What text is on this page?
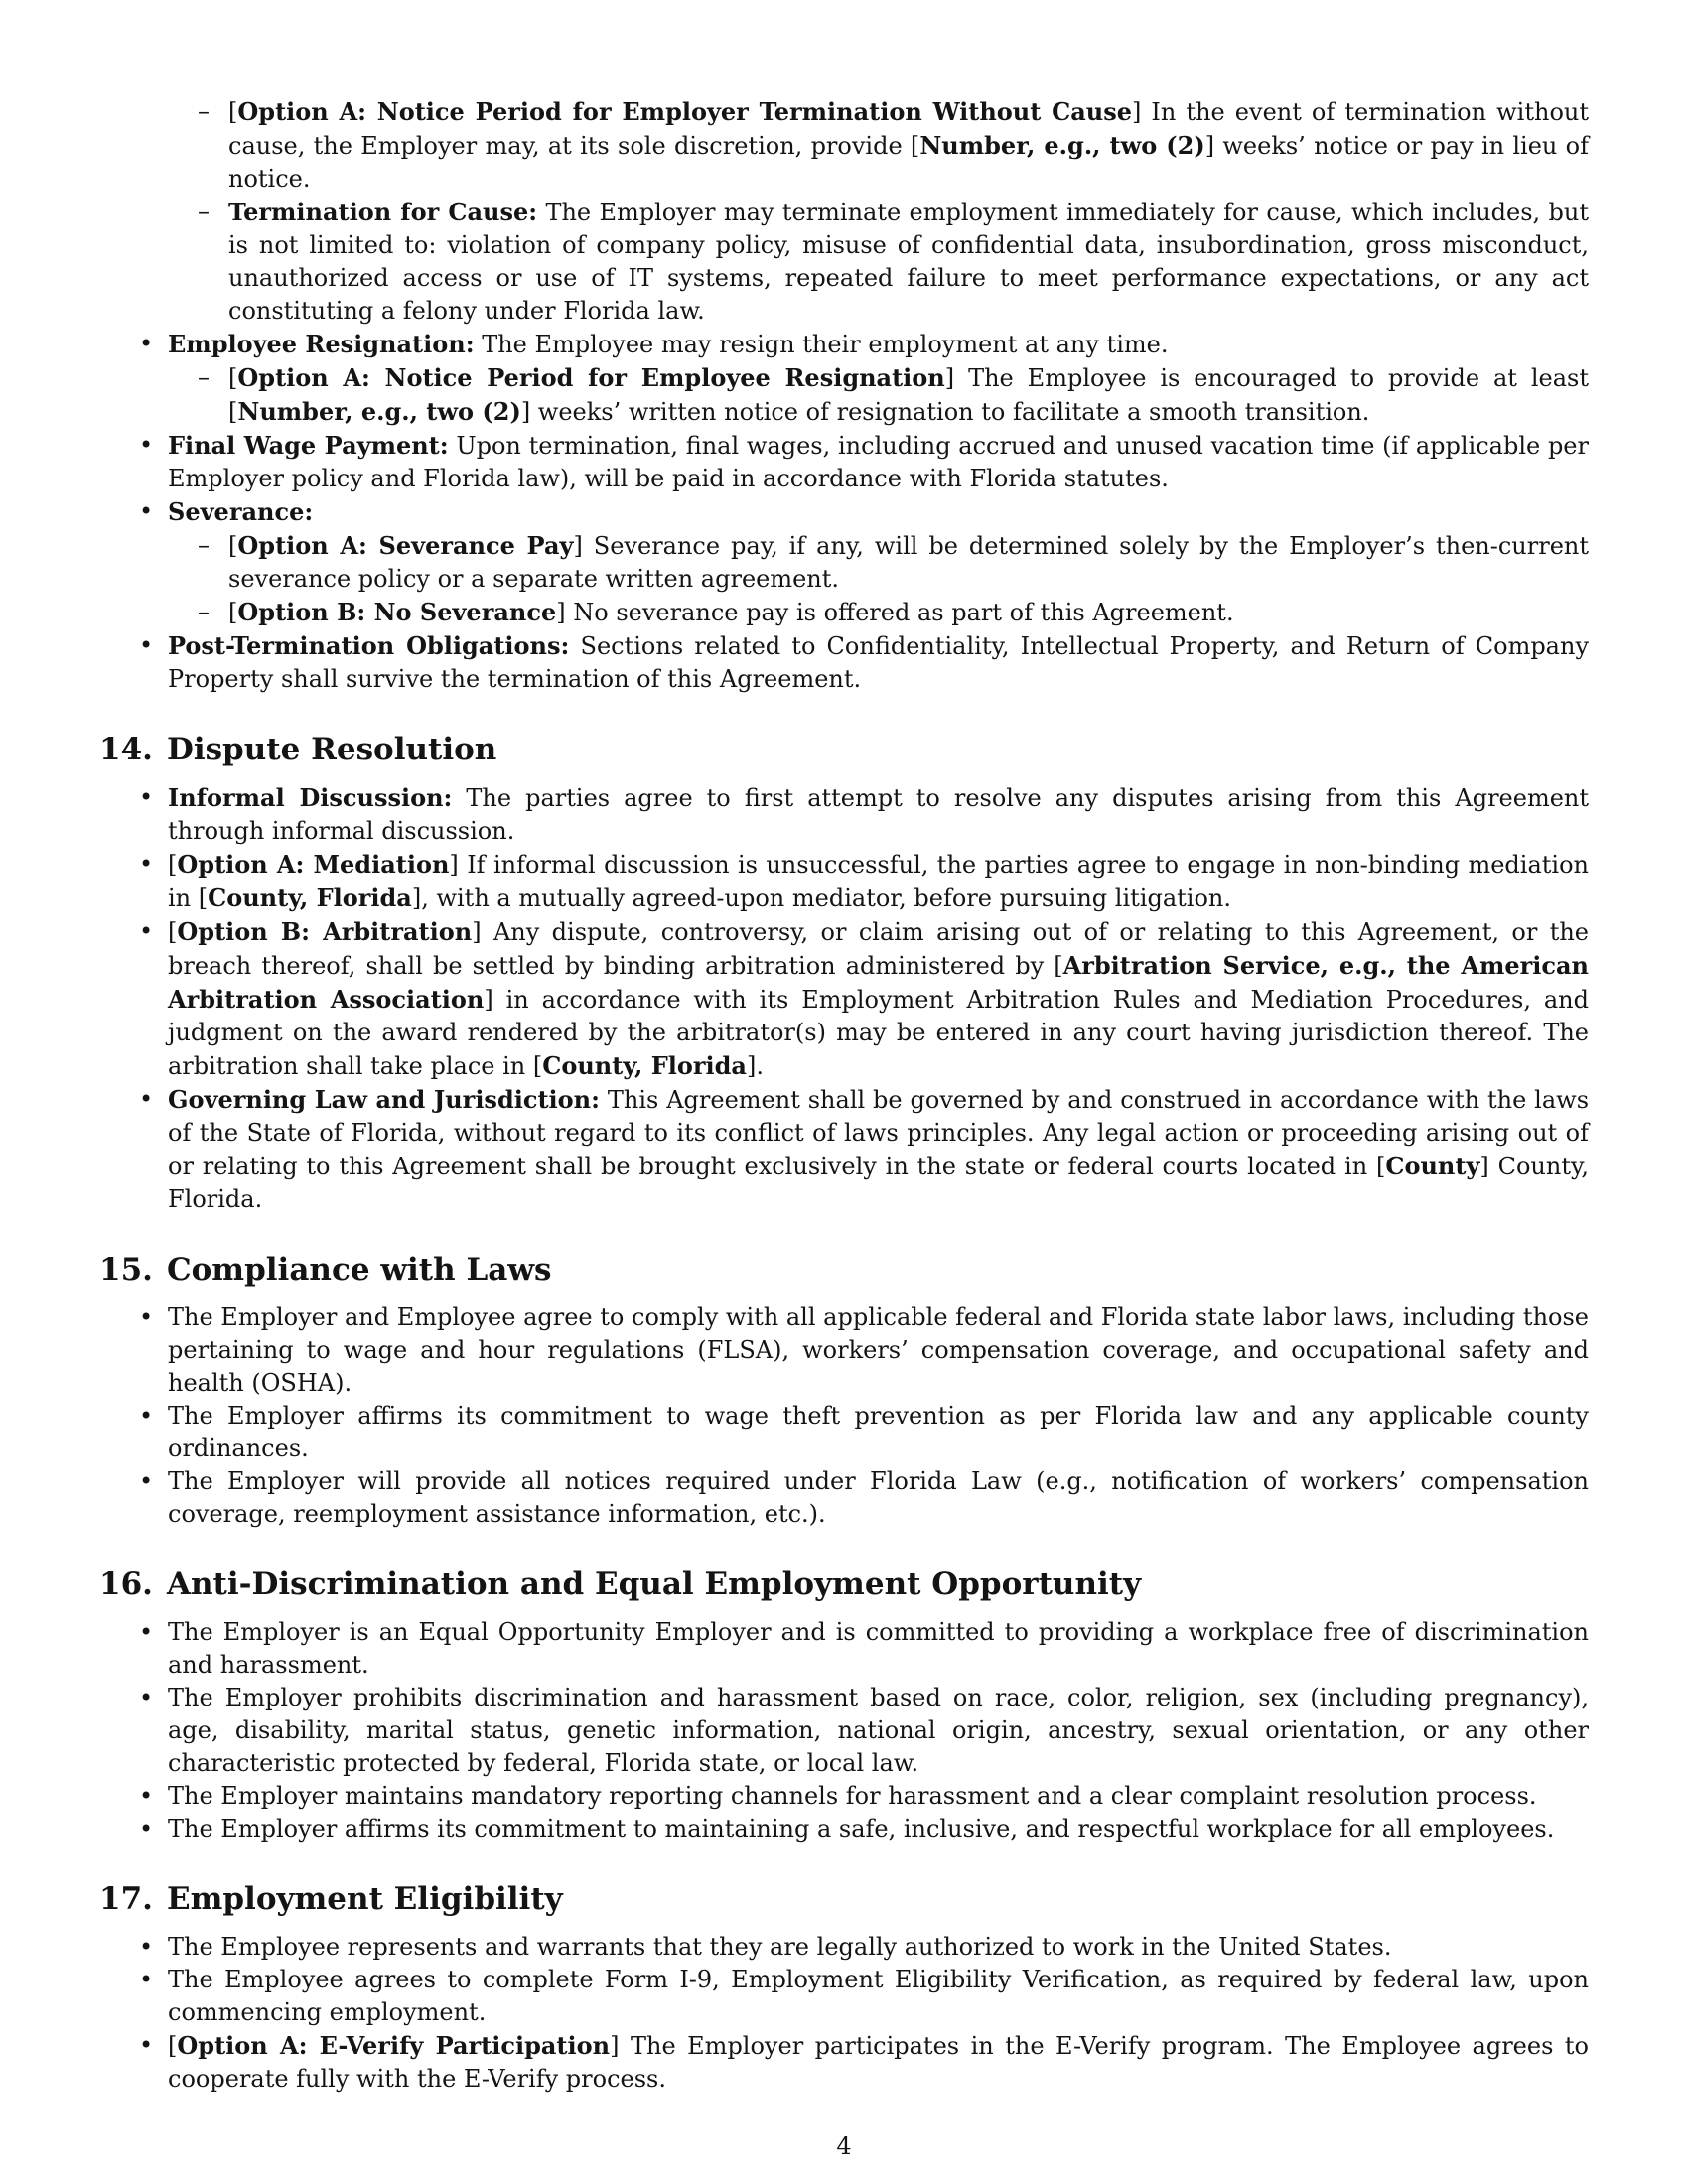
– [Option A: Notice Period for Employer Termination Without Cause] In the event of termination without cause, the Employer may, at its sole discretion, provide [Number, e.g., two (2)] weeks’ notice or pay in lieu of notice.
– Termination for Cause: The Employer may terminate employment immediately for cause, which includes, but is not limited to: violation of company policy, misuse of confidential data, insubordination, gross misconduct, unauthorized access or use of IT systems, repeated failure to meet performance expectations, or any act constituting a felony under Florida law.
• Employee Resignation: The Employee may resign their employment at any time.
– [Option A: Notice Period for Employee Resignation] The Employee is encouraged to provide at least [Number, e.g., two (2)] weeks’ written notice of resignation to facilitate a smooth transition.
• Final Wage Payment: Upon termination, final wages, including accrued and unused vacation time (if applicable per Employer policy and Florida law), will be paid in accordance with Florida statutes.
• Severance:
– [Option A: Severance Pay] Severance pay, if any, will be determined solely by the Employer’s then-current severance policy or a separate written agreement.
– [Option B: No Severance] No severance pay is offered as part of this Agreement.
• Post-Termination Obligations: Sections related to Confidentiality, Intellectual Property, and Return of Company Property shall survive the termination of this Agreement.
14. Dispute Resolution
• Informal Discussion: The parties agree to first attempt to resolve any disputes arising from this Agreement through informal discussion.
• [Option A: Mediation] If informal discussion is unsuccessful, the parties agree to engage in non-binding mediation in [County, Florida], with a mutually agreed-upon mediator, before pursuing litigation.
• [Option B: Arbitration] Any dispute, controversy, or claim arising out of or relating to this Agreement, or the breach thereof, shall be settled by binding arbitration administered by [Arbitration Service, e.g., the American Arbitration Association] in accordance with its Employment Arbitration Rules and Mediation Procedures, and judgment on the award rendered by the arbitrator(s) may be entered in any court having jurisdiction thereof. The arbitration shall take place in [County, Florida].
• Governing Law and Jurisdiction: This Agreement shall be governed by and construed in accordance with the laws of the State of Florida, without regard to its conflict of laws principles. Any legal action or proceeding arising out of or relating to this Agreement shall be brought exclusively in the state or federal courts located in [County] County, Florida.
15. Compliance with Laws
• The Employer and Employee agree to comply with all applicable federal and Florida state labor laws, including those pertaining to wage and hour regulations (FLSA), workers’ compensation coverage, and occupational safety and health (OSHA).
• The Employer affirms its commitment to wage theft prevention as per Florida law and any applicable county ordinances.
• The Employer will provide all notices required under Florida Law (e.g., notification of workers’ compensation coverage, reemployment assistance information, etc.).
16. Anti-Discrimination and Equal Employment Opportunity
• The Employer is an Equal Opportunity Employer and is committed to providing a workplace free of discrimination and harassment.
• The Employer prohibits discrimination and harassment based on race, color, religion, sex (including pregnancy), age, disability, marital status, genetic information, national origin, ancestry, sexual orientation, or any other characteristic protected by federal, Florida state, or local law.
• The Employer maintains mandatory reporting channels for harassment and a clear complaint resolution process.
• The Employer affirms its commitment to maintaining a safe, inclusive, and respectful workplace for all employees.
17. Employment Eligibility
• The Employee represents and warrants that they are legally authorized to work in the United States.
• The Employee agrees to complete Form I-9, Employment Eligibility Verification, as required by federal law, upon commencing employment.
• [Option A: E-Verify Participation] The Employer participates in the E-Verify program. The Employee agrees to cooperate fully with the E-Verify process.
4
